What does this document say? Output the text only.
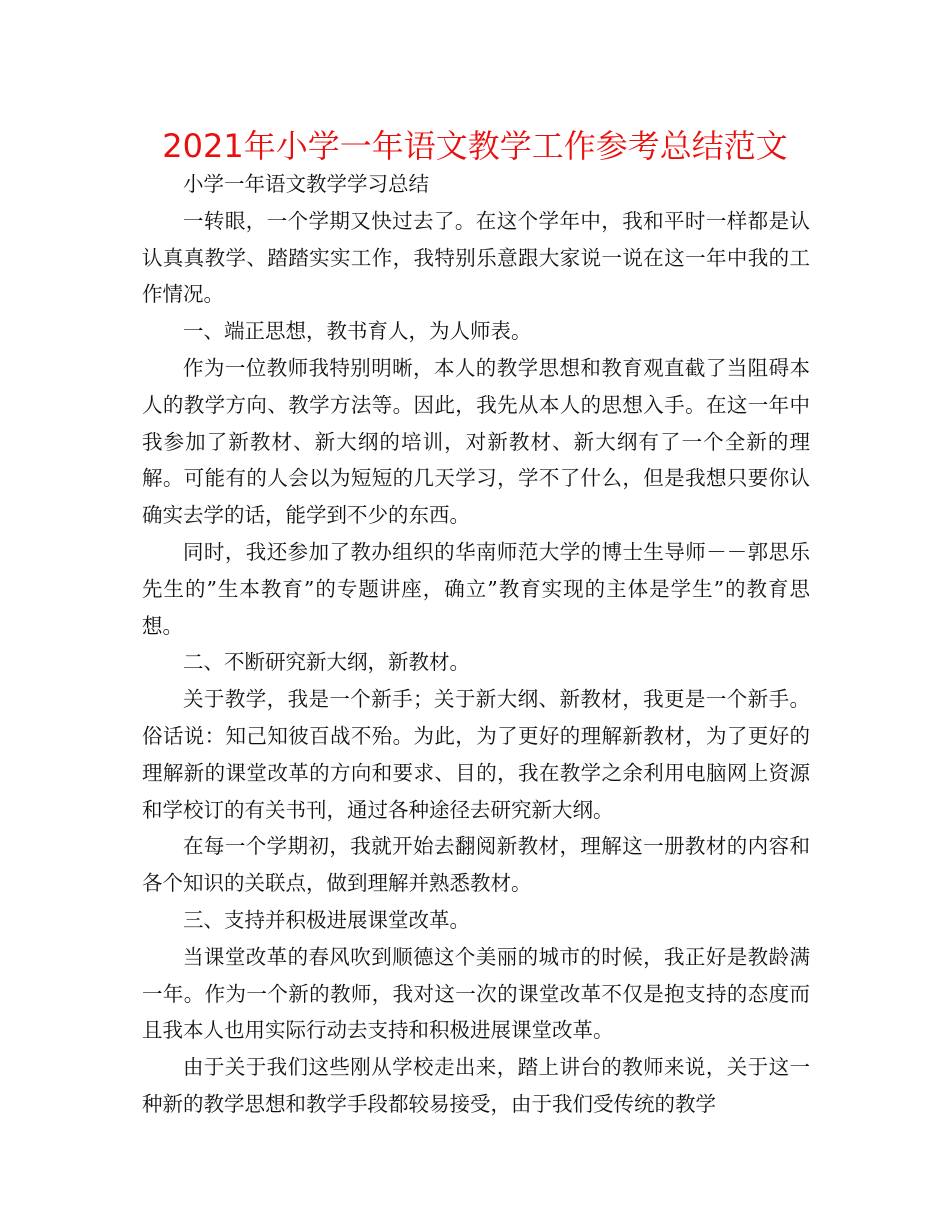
2021年小学一年语文教学工作参考总结范文

小学一年语文教学学习总结

一转眼，一个学期又快过去了。在这个学年中，我和平时一样都是认认真真教学、踏踏实实工作，我特别乐意跟大家说一说在这一年中我的工作情况。

一、端正思想，教书育人，为人师表。

作为一位教师我特别明晰，本人的教学思想和教育观直截了当阻碍本人的教学方向、教学方法等。因此，我先从本人的思想入手。在这一年中我参加了新教材、新大纲的培训，对新教材、新大纲有了一个全新的理解。可能有的人会以为短短的几天学习，学不了什么，但是我想只要你认确实去学的话，能学到不少的东西。

同时，我还参加了教办组织的华南师范大学的博士生导师－－郭思乐先生的”生本教育”的专题讲座，确立”教育实现的主体是学生”的教育思想。

二、不断研究新大纲，新教材。

关于教学，我是一个新手；关于新大纲、新教材，我更是一个新手。俗话说：知己知彼百战不殆。为此，为了更好的理解新教材，为了更好的理解新的课堂改革的方向和要求、目的，我在教学之余利用电脑网上资源和学校订的有关书刊，通过各种途径去研究新大纲。

在每一个学期初，我就开始去翻阅新教材，理解这一册教材的内容和各个知识的关联点，做到理解并熟悉教材。

三、支持并积极进展课堂改革。

当课堂改革的春风吹到顺德这个美丽的城市的时候，我正好是教龄满一年。作为一个新的教师，我对这一次的课堂改革不仅是抱支持的态度而且我本人也用实际行动去支持和积极进展课堂改革。

由于关于我们这些刚从学校走出来，踏上讲台的教师来说，关于这一种新的教学思想和教学手段都较易接受，由于我们受传统的教学
